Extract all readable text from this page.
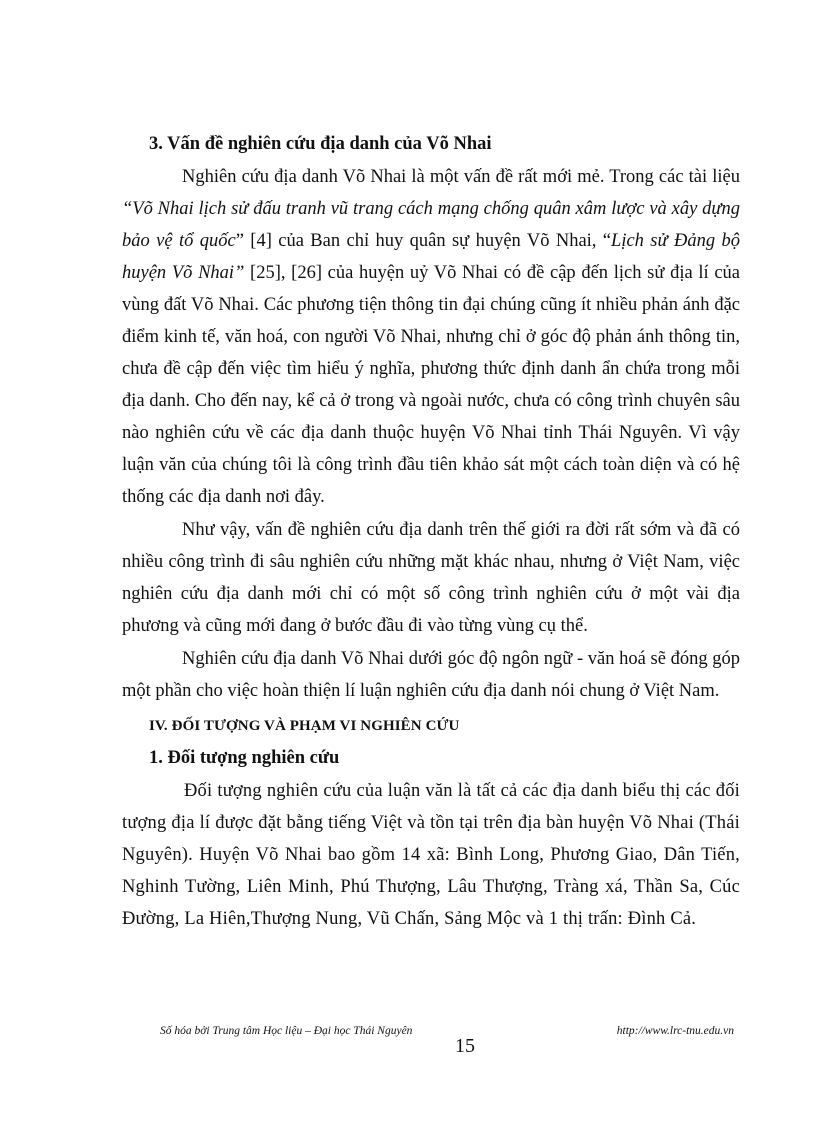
3. Vấn đề nghiên cứu địa danh của Võ Nhai

Nghiên cứu địa danh Võ Nhai là một vấn đề rất mới mẻ. Trong các tài liệu “Võ Nhai lịch sử đấu tranh vũ trang cách mạng chống quân xâm lược và xây dựng bảo vệ tổ quốc” [4] của Ban chỉ huy quân sự huyện Võ Nhai, “Lịch sử Đảng bộ huyện Võ Nhai” [25], [26] của huyện uỷ Võ Nhai có đề cập đến lịch sử địa lí của vùng đất Võ Nhai. Các phương tiện thông tin đại chúng cũng ít nhiều phản ánh đặc điểm kinh tế, văn hoá, con người Võ Nhai, nhưng chỉ ở góc độ phản ánh thông tin, chưa đề cập đến việc tìm hiểu ý nghĩa, phương thức định danh ẩn chứa trong mỗi địa danh. Cho đến nay, kể cả ở trong và ngoài nước, chưa có công trình chuyên sâu nào nghiên cứu về các địa danh thuộc huyện Võ Nhai tỉnh Thái Nguyên. Vì vậy luận văn của chúng tôi là công trình đầu tiên khảo sát một cách toàn diện và có hệ thống các địa danh nơi đây.

Như vậy, vấn đề nghiên cứu địa danh trên thế giới ra đời rất sớm và đã có nhiều công trình đi sâu nghiên cứu những mặt khác nhau, nhưng ở Việt Nam, việc nghiên cứu địa danh mới chỉ có một số công trình nghiên cứu ở một vài địa phương và cũng mới đang ở bước đầu đi vào từng vùng cụ thể.

Nghiên cứu địa danh Võ Nhai dưới góc độ ngôn ngữ - văn hoá sẽ đóng góp một phần cho việc hoàn thiện lí luận nghiên cứu địa danh nói chung ở Việt Nam.

IV. ĐỐI TƯỢNG VÀ PHẠM VI NGHIÊN CỨU
1. Đối tượng nghiên cứu

Đối tượng nghiên cứu của luận văn là tất cả các địa danh biểu thị các đối tượng địa lí được đặt bằng tiếng Việt và tồn tại trên địa bàn huyện Võ Nhai (Thái Nguyên). Huyện Võ Nhai bao gồm 14 xã: Bình Long, Phương Giao, Dân Tiến, Nghinh Tường, Liên Minh, Phú Thượng, Lâu Thượng, Tràng xá, Thần Sa, Cúc Đường, La Hiên,Thượng Nung, Vũ Chấn, Sảng Mộc và 1 thị trấn: Đình Cả.

Số hóa bởi Trung tâm Học liệu – Đại học Thái Nguyên
15
http://www.lrc-tnu.edu.vn
